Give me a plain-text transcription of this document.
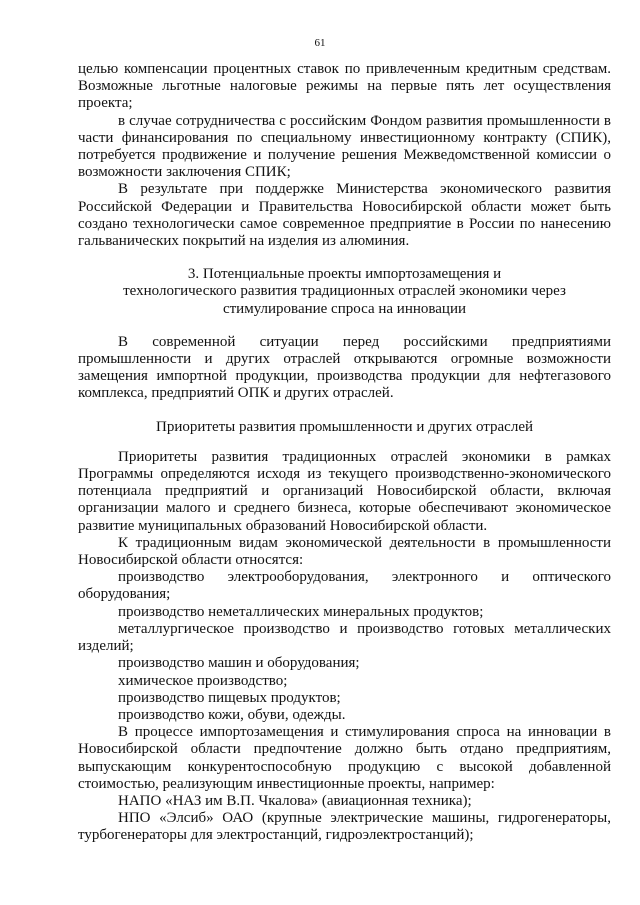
61

целью компенсации процентных ставок по привлеченным кредитным средствам. Возможные льготные налоговые режимы на первые пять лет осуществления проекта;

в случае сотрудничества с российским Фондом развития промышленности в части финансирования по специальному инвестиционному контракту (СПИК), потребуется продвижение и получение решения Межведомственной комиссии о возможности заключения СПИК;

В результате при поддержке Министерства экономического развития Российской Федерации и Правительства Новосибирской области может быть создано технологически самое современное предприятие в России по нанесению гальванических покрытий на изделия из алюминия.

3. Потенциальные проекты импортозамещения и
технологического развития традиционных отраслей экономики через
стимулирование спроса на инновации

В современной ситуации перед российскими предприятиями промышленности и других отраслей открываются огромные возможности замещения импортной продукции, производства продукции для нефтегазового комплекса, предприятий ОПК и других отраслей.

Приоритеты развития промышленности и других отраслей

Приоритеты развития традиционных отраслей экономики в рамках Программы определяются исходя из текущего производственно-экономического потенциала предприятий и организаций Новосибирской области, включая организации малого и среднего бизнеса, которые обеспечивают экономическое развитие муниципальных образований Новосибирской области.

К традиционным видам экономической деятельности в промышленности Новосибирской области относятся:

производство электрооборудования, электронного и оптического оборудования;

производство неметаллических минеральных продуктов;

металлургическое производство и производство готовых металлических изделий;

производство машин и оборудования;

химическое производство;

производство пищевых продуктов;

производство кожи, обуви, одежды.

В процессе импортозамещения и стимулирования спроса на инновации в Новосибирской области предпочтение должно быть отдано предприятиям, выпускающим конкурентоспособную продукцию с высокой добавленной стоимостью, реализующим инвестиционные проекты, например:

НАПО «НАЗ им В.П. Чкалова» (авиационная техника);

НПО «Элсиб» ОАО (крупные электрические машины, гидрогенераторы, турбогенераторы для электростанций, гидроэлектростанций);
